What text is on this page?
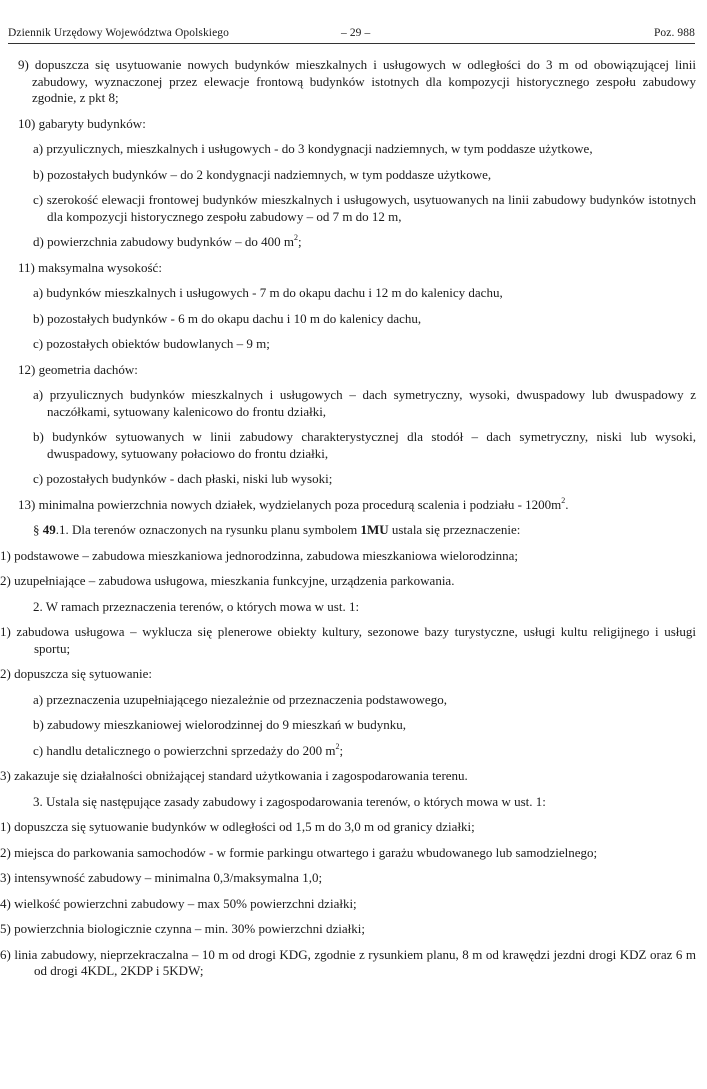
Dziennik Urzędowy Województwa Opolskiego	– 29 –	Poz. 988
9) dopuszcza się usytuowanie nowych budynków mieszkalnych i usługowych w odległości do 3 m od obowiązującej linii zabudowy, wyznaczonej przez elewacje frontową budynków istotnych dla kompozycji historycznego zespołu zabudowy zgodnie, z pkt 8;
10) gabaryty budynków:
a) przyulicznych, mieszkalnych i usługowych - do 3 kondygnacji nadziemnych, w tym poddasze użytkowe,
b) pozostałych budynków – do 2 kondygnacji nadziemnych, w tym poddasze użytkowe,
c) szerokość elewacji frontowej budynków mieszkalnych i usługowych, usytuowanych na linii zabudowy budynków istotnych dla kompozycji historycznego zespołu zabudowy – od 7 m do 12 m,
d) powierzchnia zabudowy budynków – do 400 $m^2$;
11) maksymalna wysokość:
a) budynków mieszkalnych i usługowych - 7 m do okapu dachu i 12 m do kalenicy dachu,
b) pozostałych budynków - 6 m do okapu dachu i 10 m do kalenicy dachu,
c) pozostałych obiektów budowlanych – 9 m;
12) geometria dachów:
a) przyulicznych budynków mieszkalnych i usługowych – dach symetryczny, wysoki, dwuspadowy lub dwuspadowy z naczółkami, sytuowany kalenicowo do frontu działki,
b) budynków sytuowanych w linii zabudowy charakterystycznej dla stodół – dach symetryczny, niski lub wysoki, dwuspadowy, sytuowany połaciowo do frontu działki,
c) pozostałych budynków - dach płaski, niski lub wysoki;
13) minimalna powierzchnia nowych działek, wydzielanych poza procedurą scalenia i podziału - $1200m^2$.
§ 49.1. Dla terenów oznaczonych na rysunku planu symbolem 1MU ustala się przeznaczenie:
1) podstawowe – zabudowa mieszkaniowa jednorodzinna, zabudowa mieszkaniowa wielorodzinna;
2) uzupełniające – zabudowa usługowa, mieszkania funkcyjne, urządzenia parkowania.
2. W ramach przeznaczenia terenów, o których mowa w ust. 1:
1) zabudowa usługowa – wyklucza się plenerowe obiekty kultury, sezonowe bazy turystyczne, usługi kultu religijnego i usługi sportu;
2) dopuszcza się sytuowanie:
a) przeznaczenia uzupełniającego niezależnie od przeznaczenia podstawowego,
b) zabudowy mieszkaniowej wielorodzinnej do 9 mieszkań w budynku,
c) handlu detalicznego o powierzchni sprzedaży do 200 $m^2$;
3) zakazuje się działalności obniżającej standard użytkowania i zagospodarowania terenu.
3. Ustala się następujące zasady zabudowy i zagospodarowania terenów, o których mowa w ust. 1:
1) dopuszcza się sytuowanie budynków w odległości od 1,5 m do 3,0 m od granicy działki;
2) miejsca do parkowania samochodów - w formie parkingu otwartego i garażu wbudowanego lub samodzielnego;
3) intensywność zabudowy – minimalna 0,3/maksymalna 1,0;
4) wielkość powierzchni zabudowy – max 50% powierzchni działki;
5) powierzchnia biologicznie czynna – min. 30% powierzchni działki;
6) linia zabudowy, nieprzekraczalna – 10 m od drogi KDG, zgodnie z rysunkiem planu, 8 m od krawędzi jezdni drogi KDZ oraz 6 m od drogi 4KDL, 2KDP i 5KDW;
